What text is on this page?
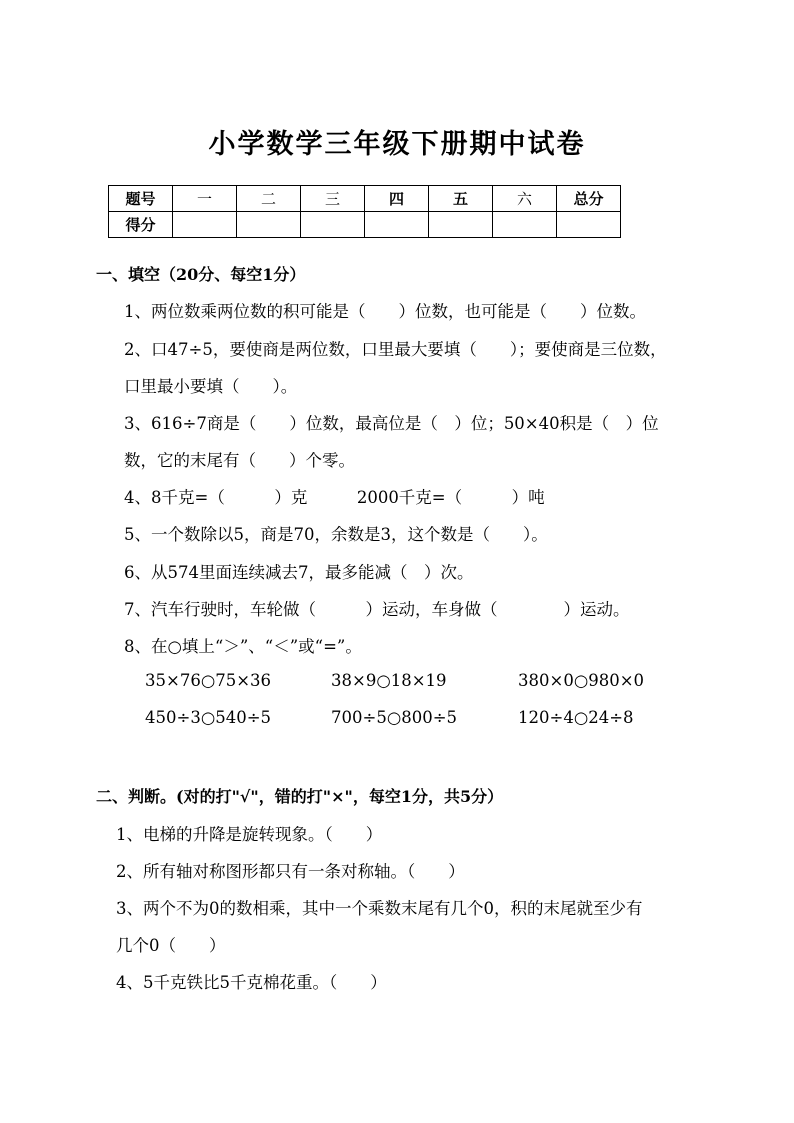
小学数学三年级下册期中试卷
题号	一	二	三	四	五	六	总分
得分							
一、填空（20分、每空1分）
1、两位数乘两位数的积可能是（　　）位数，也可能是（　　）位数。
2、口47÷5，要使商是两位数，口里最大要填（　　）；要使商是三位数，
口里最小要填（　　）。
3、616÷7商是（　　）位数，最高位是（　）位；50×40积是（　）位
数，它的末尾有（　　）个零。
4、8千克=（　　　）克　　　2000千克=（　　　）吨
5、一个数除以5，商是70，余数是3，这个数是（　　）。
6、从574里面连续减去7，最多能减（　）次。
7、汽车行驶时，车轮做（　　　）运动，车身做（　　　　）运动。
8、在○填上“＞”、“＜”或“=”。
35×76○75×36	38×9○18×19	380×0○980×0
450÷3○540÷5	700÷5○800÷5	120÷4○24÷8
二、判断。(对的打"√"，错的打"×"，每空1分，共5分）
1、电梯的升降是旋转现象。（　　）
2、所有轴对称图形都只有一条对称轴。（　　）
3、两个不为0的数相乘，其中一个乘数末尾有几个0，积的末尾就至少有
几个0（　　）
4、5千克铁比5千克棉花重。（　　）
